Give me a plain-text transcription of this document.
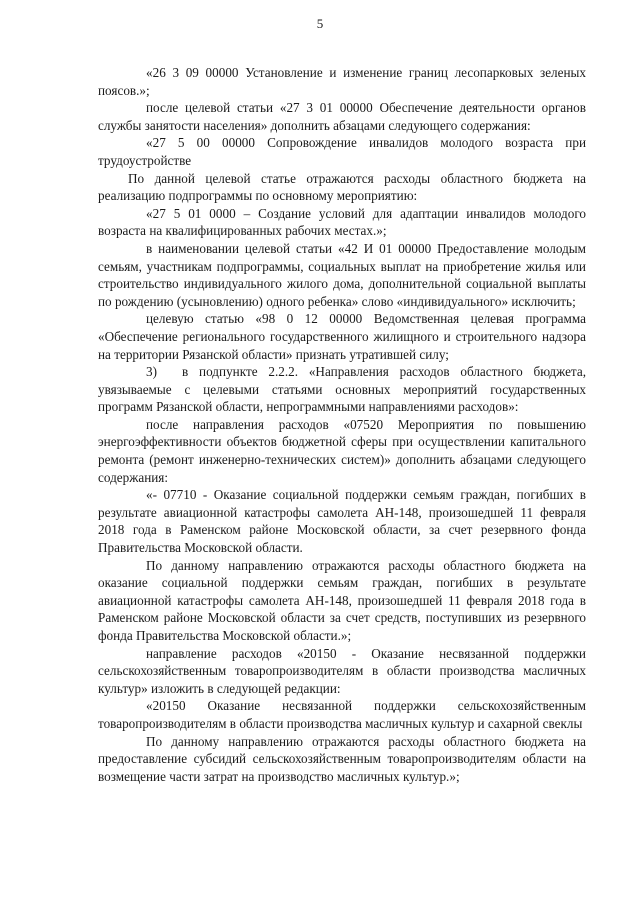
5

«26 3 09 00000 Установление и изменение границ лесопарковых зеленых поясов.»;

после целевой статьи «27 3 01 00000 Обеспечение деятельности органов службы занятости населения» дополнить абзацами следующего содержания:

«27 5 00 00000 Сопровождение инвалидов молодого возраста при трудоустройстве

По данной целевой статье отражаются расходы областного бюджета на реализацию подпрограммы по основному мероприятию:

«27 5 01 0000 – Создание условий для адаптации инвалидов молодого возраста на квалифицированных рабочих местах.»;

в наименовании целевой статьи «42 И 01 00000 Предоставление молодым семьям, участникам подпрограммы, социальных выплат на приобретение жилья или строительство индивидуального жилого дома, дополнительной социальной выплаты по рождению (усыновлению) одного ребенка» слово «индивидуального» исключить;

целевую статью «98 0 12 00000 Ведомственная целевая программа «Обеспечение регионального государственного жилищного и строительного надзора на территории Рязанской области» признать утратившей силу;

3) в подпункте 2.2.2. «Направления расходов областного бюджета, увязываемые с целевыми статьями основных мероприятий государственных программ Рязанской области, непрограммными направлениями расходов»:

после направления расходов «07520 Мероприятия по повышению энергоэффективности объектов бюджетной сферы при осуществлении капитального ремонта (ремонт инженерно-технических систем)» дополнить абзацами следующего содержания:

«- 07710 - Оказание социальной поддержки семьям граждан, погибших в результате авиационной катастрофы самолета АН-148, произошедшей 11 февраля 2018 года в Раменском районе Московской области, за счет резервного фонда Правительства Московской области.

По данному направлению отражаются расходы областного бюджета на оказание социальной поддержки семьям граждан, погибших в результате авиационной катастрофы самолета АН-148, произошедшей 11 февраля 2018 года в Раменском районе Московской области за счет средств, поступивших из резервного фонда Правительства Московской области.»;

направление расходов «20150 - Оказание несвязанной поддержки сельскохозяйственным товаропроизводителям в области производства масличных культур» изложить в следующей редакции:

«20150 Оказание несвязанной поддержки сельскохозяйственным товаропроизводителям в области производства масличных культур и сахарной свеклы

По данному направлению отражаются расходы областного бюджета на предоставление субсидий сельскохозяйственным товаропроизводителям области на возмещение части затрат на производство масличных культур.»;
